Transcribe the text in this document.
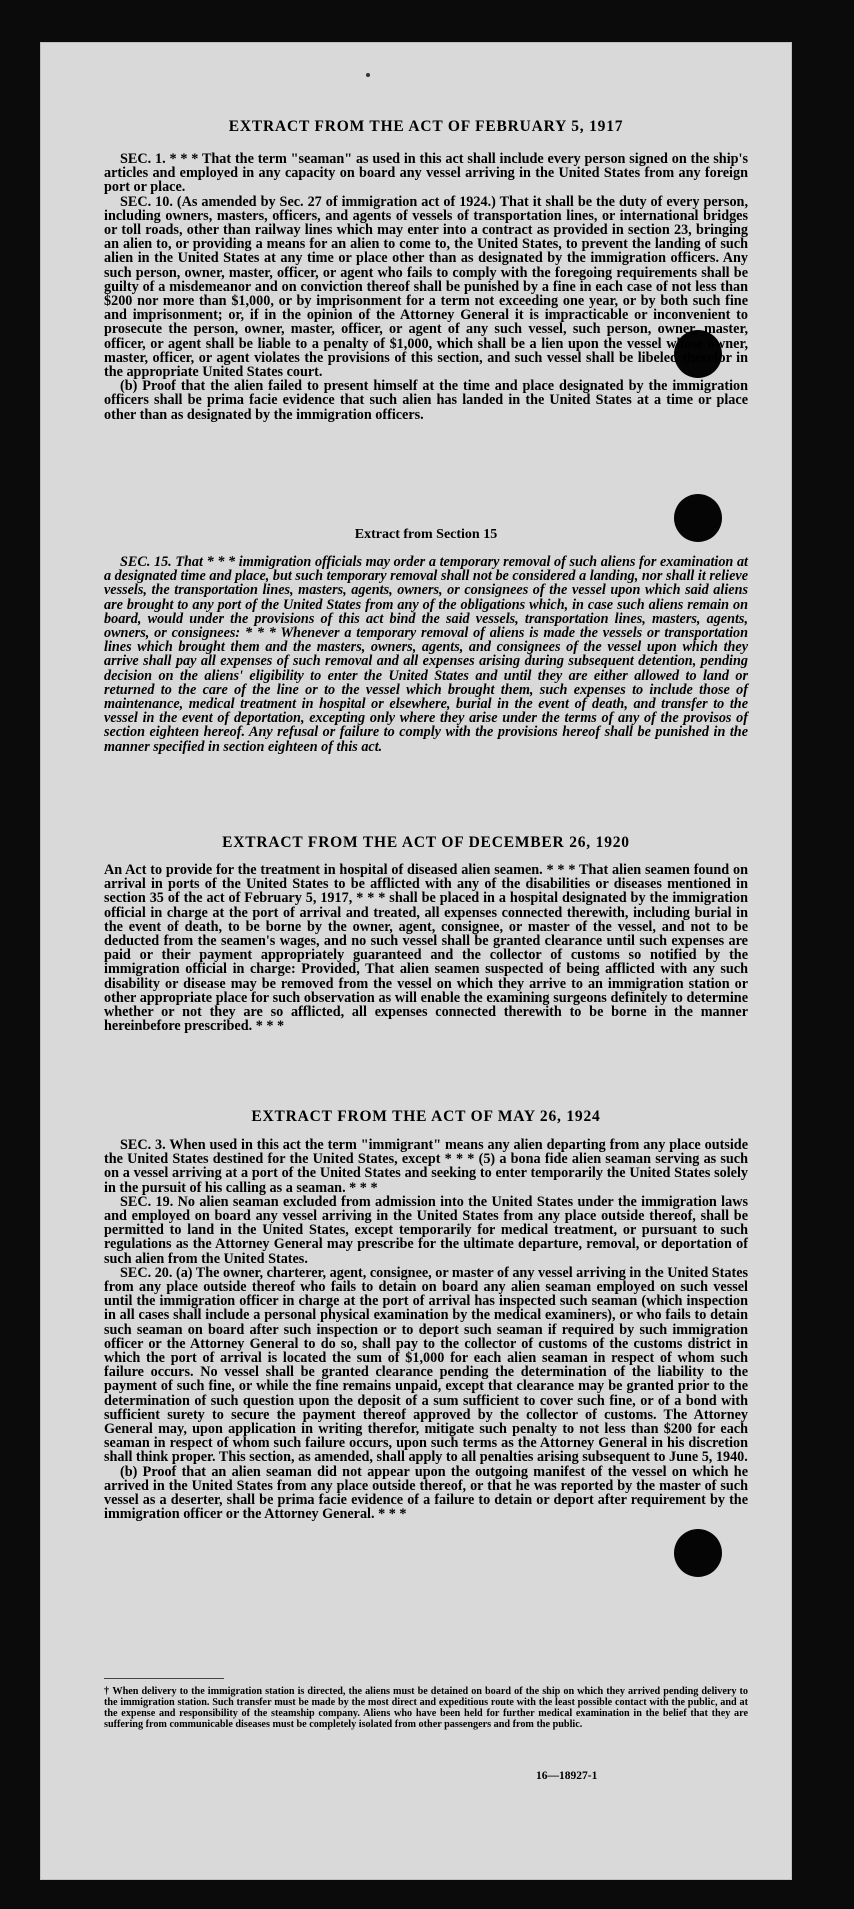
EXTRACT FROM THE ACT OF FEBRUARY 5, 1917

SEC. 1. * * * That the term "seaman" as used in this act shall include every person signed on the ship's articles and employed in any capacity on board any vessel arriving in the United States from any foreign port or place.

SEC. 10. (As amended by Sec. 27 of immigration act of 1924.) That it shall be the duty of every person, including owners, masters, officers, and agents of vessels of transportation lines, or international bridges or toll roads, other than railway lines which may enter into a contract as provided in section 23, bringing an alien to, or providing a means for an alien to come to, the United States, to prevent the landing of such alien in the United States at any time or place other than as designated by the immigration officers. Any such person, owner, master, officer, or agent who fails to comply with the foregoing requirements shall be guilty of a misdemeanor and on conviction thereof shall be punished by a fine in each case of not less than $200 nor more than $1,000, or by imprisonment for a term not exceeding one year, or by both such fine and imprisonment; or, if in the opinion of the Attorney General it is impracticable or inconvenient to prosecute the person, owner, master, officer, or agent of any such vessel, such person, owner, master, officer, or agent shall be liable to a penalty of $1,000, which shall be a lien upon the vessel whose owner, master, officer, or agent violates the provisions of this section, and such vessel shall be libeled therefor in the appropriate United States court.

(b) Proof that the alien failed to present himself at the time and place designated by the immigration officers shall be prima facie evidence that such alien has landed in the United States at a time or place other than as designated by the immigration officers.

Extract from Section 15

SEC. 15. That * * * immigration officials may order a temporary removal of such aliens for examination at a designated time and place, but such temporary removal shall not be considered a landing, nor shall it relieve vessels, the transportation lines, masters, agents, owners, or consignees of the vessel upon which said aliens are brought to any port of the United States from any of the obligations which, in case such aliens remain on board, would under the provisions of this act bind the said vessels, transportation lines, masters, agents, owners, or consignees: * * * Whenever a temporary removal of aliens is made the vessels or transportation lines which brought them and the masters, owners, agents, and consignees of the vessel upon which they arrive shall pay all expenses of such removal and all expenses arising during subsequent detention, pending decision on the aliens' eligibility to enter the United States and until they are either allowed to land or returned to the care of the line or to the vessel which brought them, such expenses to include those of maintenance, medical treatment in hospital or elsewhere, burial in the event of death, and transfer to the vessel in the event of deportation, excepting only where they arise under the terms of any of the provisos of section eighteen hereof. Any refusal or failure to comply with the provisions hereof shall be punished in the manner specified in section eighteen of this act.

EXTRACT FROM THE ACT OF DECEMBER 26, 1920

An Act to provide for the treatment in hospital of diseased alien seamen. * * * That alien seamen found on arrival in ports of the United States to be afflicted with any of the disabilities or diseases mentioned in section 35 of the act of February 5, 1917, * * * shall be placed in a hospital designated by the immigration official in charge at the port of arrival and treated, all expenses connected therewith, including burial in the event of death, to be borne by the owner, agent, consignee, or master of the vessel, and not to be deducted from the seamen's wages, and no such vessel shall be granted clearance until such expenses are paid or their payment appropriately guaranteed and the collector of customs so notified by the immigration official in charge: Provided, That alien seamen suspected of being afflicted with any such disability or disease may be removed from the vessel on which they arrive to an immigration station or other appropriate place for such observation as will enable the examining surgeons definitely to determine whether or not they are so afflicted, all expenses connected therewith to be borne in the manner hereinbefore prescribed. * * *

EXTRACT FROM THE ACT OF MAY 26, 1924

SEC. 3. When used in this act the term "immigrant" means any alien departing from any place outside the United States destined for the United States, except * * * (5) a bona fide alien seaman serving as such on a vessel arriving at a port of the United States and seeking to enter temporarily the United States solely in the pursuit of his calling as a seaman. * * *

SEC. 19. No alien seaman excluded from admission into the United States under the immigration laws and employed on board any vessel arriving in the United States from any place outside thereof, shall be permitted to land in the United States, except temporarily for medical treatment, or pursuant to such regulations as the Attorney General may prescribe for the ultimate departure, removal, or deportation of such alien from the United States.

SEC. 20. (a) The owner, charterer, agent, consignee, or master of any vessel arriving in the United States from any place outside thereof who fails to detain on board any alien seaman employed on such vessel until the immigration officer in charge at the port of arrival has inspected such seaman (which inspection in all cases shall include a personal physical examination by the medical examiners), or who fails to detain such seaman on board after such inspection or to deport such seaman if required by such immigration officer or the Attorney General to do so, shall pay to the collector of customs of the customs district in which the port of arrival is located the sum of $1,000 for each alien seaman in respect of whom such failure occurs. No vessel shall be granted clearance pending the determination of the liability to the payment of such fine, or while the fine remains unpaid, except that clearance may be granted prior to the determination of such question upon the deposit of a sum sufficient to cover such fine, or of a bond with sufficient surety to secure the payment thereof approved by the collector of customs. The Attorney General may, upon application in writing therefor, mitigate such penalty to not less than $200 for each seaman in respect of whom such failure occurs, upon such terms as the Attorney General in his discretion shall think proper. This section, as amended, shall apply to all penalties arising subsequent to June 5, 1940.

(b) Proof that an alien seaman did not appear upon the outgoing manifest of the vessel on which he arrived in the United States from any place outside thereof, or that he was reported by the master of such vessel as a deserter, shall be prima facie evidence of a failure to detain or deport after requirement by the immigration officer or the Attorney General. * * *

† When delivery to the immigration station is directed, the aliens must be detained on board of the ship on which they arrived pending delivery to the immigration station. Such transfer must be made by the most direct and expeditious route with the least possible contact with the public, and at the expense and responsibility of the steamship company. Aliens who have been held for further medical examination in the belief that they are suffering from communicable diseases must be completely isolated from other passengers and from the public.
16—18927-1
